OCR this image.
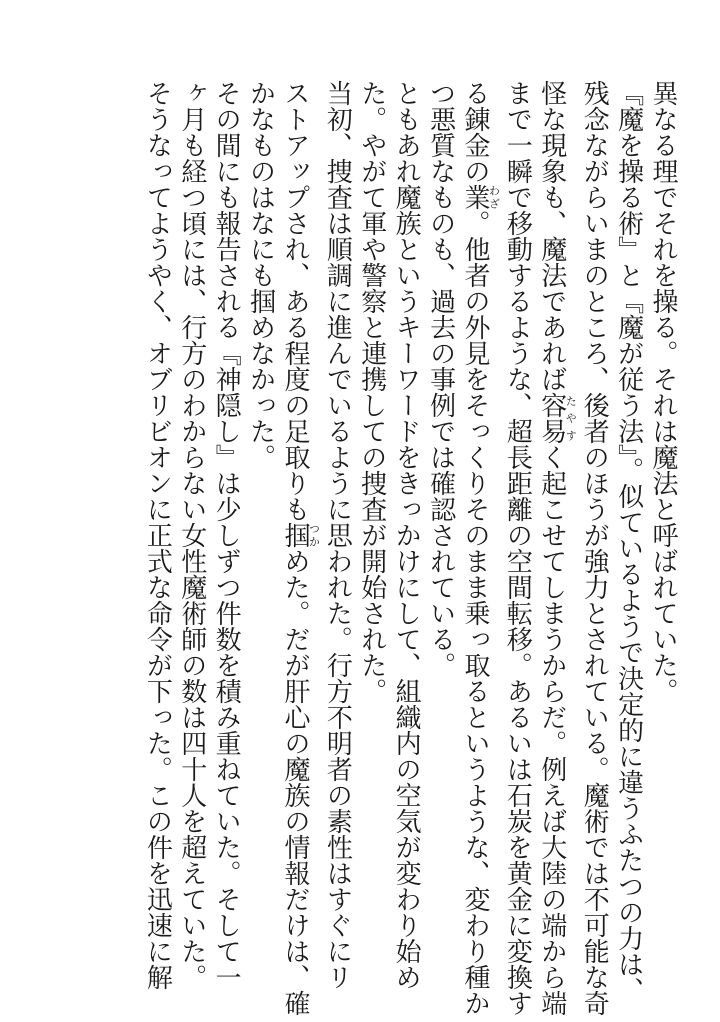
異なる理でそれを操る。それは魔法と呼ばれていた。
『魔を操る術』と『魔が従う法』。似ているようで決定的に違うふたつの力は、
残念ながらいまのところ、後者のほうが強力とされている。魔術では不可能な奇
怪な現象も、魔法であれば容易たやすく起こせてしまうからだ。例えば大陸の端から端
まで一瞬で移動するような、超長距離の空間転移。あるいは石炭を黄金に変換す
る錬金の業わざ。他者の外見をそっくりそのまま乗っ取るというような、変わり種か
つ悪質なものも、過去の事例では確認されている。
ともあれ魔族というキーワードをきっかけにして、組織内の空気が変わり始め
た。やがて軍や警察と連携しての捜査が開始された。
当初、捜査は順調に進んでいるように思われた。行方不明者の素性はすぐにリ
ストアップされ、ある程度の足取りも掴つかめた。だが肝心の魔族の情報だけは、確
かなものはなにも掴めなかった。
その間にも報告される『神隠し』は少しずつ件数を積み重ねていた。そして一
ヶ月も経つ頃には、行方のわからない女性魔術師の数は四十人を超えていた。
そうなってようやく、オブリビオンに正式な命令が下った。この件を迅速に解
